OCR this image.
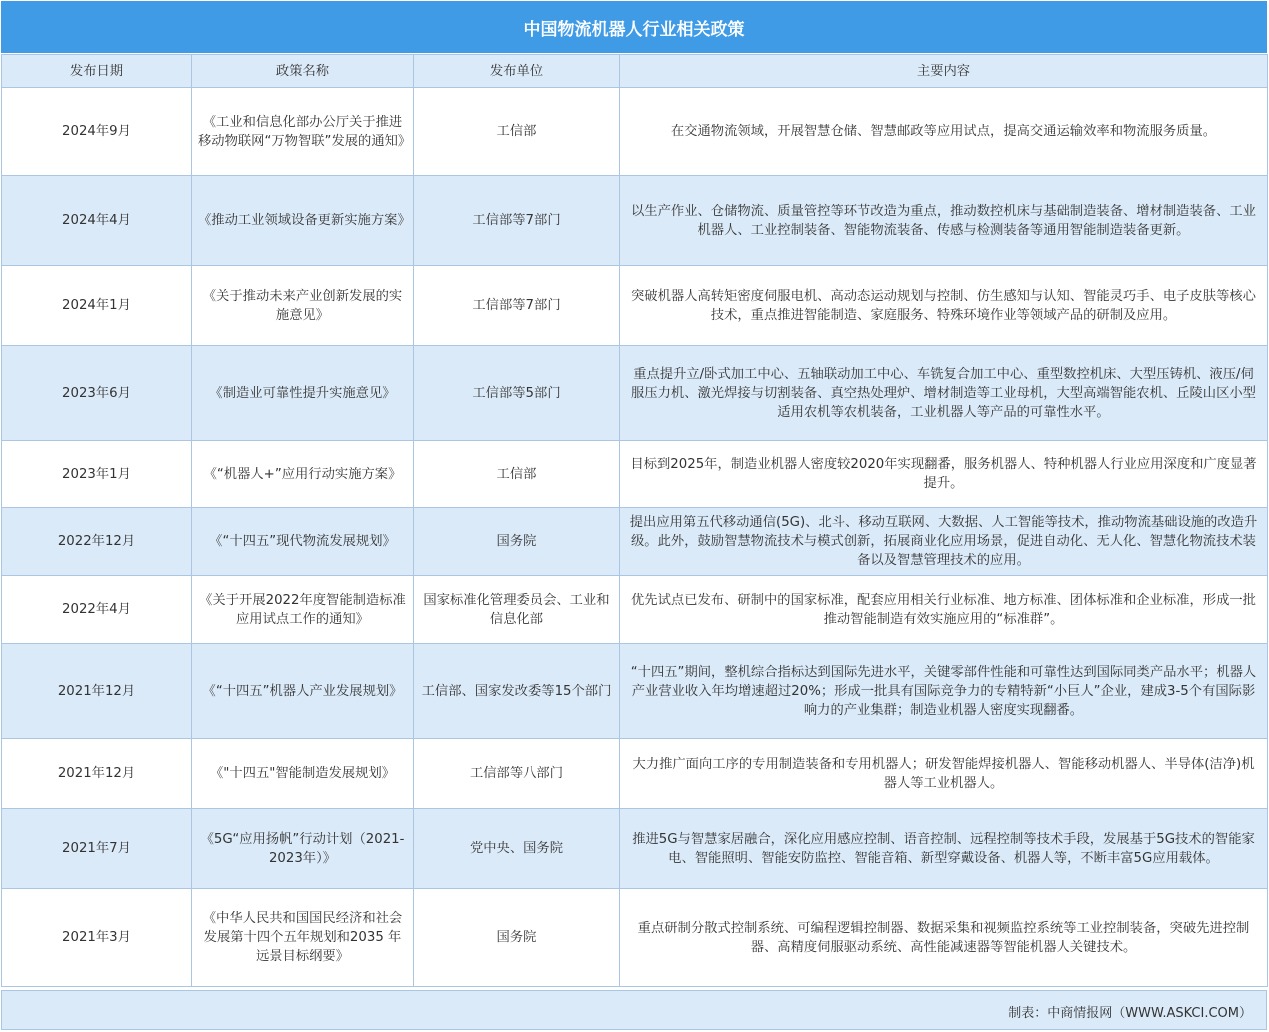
中国物流机器人行业相关政策
发布日期	政策名称	发布单位	主要内容
2024年9月	《工业和信息化部办公厅关于推进移动物联网“万物智联”发展的通知》	工信部	在交通物流领域，开展智慧仓储、智慧邮政等应用试点，提高交通运输效率和物流服务质量。
2024年4月	《推动工业领域设备更新实施方案》	工信部等7部门	以生产作业、仓储物流、质量管控等环节改造为重点，推动数控机床与基础制造装备、增材制造装备、工业机器人、工业控制装备、智能物流装备、传感与检测装备等通用智能制造装备更新。
2024年1月	《关于推动未来产业创新发展的实施意见》	工信部等7部门	突破机器人高转矩密度伺服电机、高动态运动规划与控制、仿生感知与认知、智能灵巧手、电子皮肤等核心技术，重点推进智能制造、家庭服务、特殊环境作业等领域产品的研制及应用。
2023年6月	《制造业可靠性提升实施意见》	工信部等5部门	重点提升立/卧式加工中心、五轴联动加工中心、车铣复合加工中心、重型数控机床、大型压铸机、液压/伺服压力机、激光焊接与切割装备、真空热处理炉、增材制造等工业母机，大型高端智能农机、丘陵山区小型适用农机等农机装备，工业机器人等产品的可靠性水平。
2023年1月	《“机器人+”应用行动实施方案》	工信部	目标到2025年，制造业机器人密度较2020年实现翻番，服务机器人、特种机器人行业应用深度和广度显著提升。
2022年12月	《“十四五”现代物流发展规划》	国务院	提出应用第五代移动通信(5G)、北斗、移动互联网、大数据、人工智能等技术，推动物流基础设施的改造升级。此外，鼓励智慧物流技术与模式创新，拓展商业化应用场景，促进自动化、无人化、智慧化物流技术装备以及智慧管理技术的应用。
2022年4月	《关于开展2022年度智能制造标准应用试点工作的通知》	国家标准化管理委员会、工业和信息化部	优先试点已发布、研制中的国家标准，配套应用相关行业标准、地方标准、团体标准和企业标准，形成一批推动智能制造有效实施应用的“标准群”。
2021年12月	《“十四五”机器人产业发展规划》	工信部、国家发改委等15个部门	“十四五”期间，整机综合指标达到国际先进水平，关键零部件性能和可靠性达到国际同类产品水平；机器人产业营业收入年均增速超过20%；形成一批具有国际竞争力的专精特新“小巨人”企业，建成3-5个有国际影响力的产业集群；制造业机器人密度实现翻番。
2021年12月	《"十四五"智能制造发展规划》	工信部等八部门	大力推广面向工序的专用制造装备和专用机器人；研发智能焊接机器人、智能移动机器人、半导体(洁净)机器人等工业机器人。
2021年7月	《5G“应用扬帆”行动计划（2021-2023年）》	党中央、国务院	推进5G与智慧家居融合，深化应用感应控制、语音控制、远程控制等技术手段，发展基于5G技术的智能家电、智能照明、智能安防监控、智能音箱、新型穿戴设备、机器人等，不断丰富5G应用载体。
2021年3月	《中华人民共和国国民经济和社会发展第十四个五年规划和2035 年远景目标纲要》	国务院	重点研制分散式控制系统、可编程逻辑控制器、数据采集和视频监控系统等工业控制装备，突破先进控制器、高精度伺服驱动系统、高性能减速器等智能机器人关键技术。
制表：中商情报网（WWW.ASKCI.COM）
